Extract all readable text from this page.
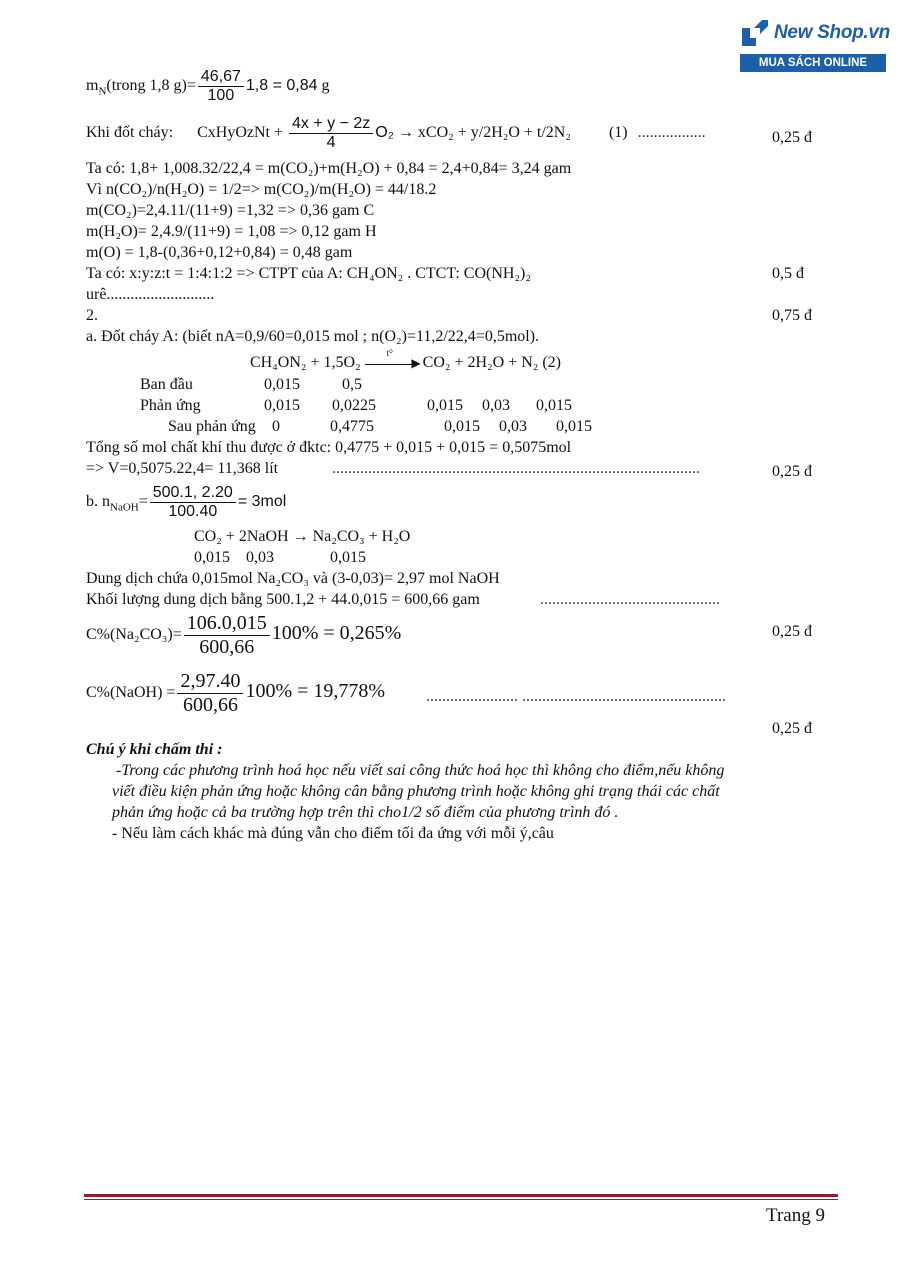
New Shop.vn
MUA SÁCH ONLINE
$m_N(trong$ 1,8 $g)= \frac{46,67}{100} 1,8 = 0,84$ g
Khi đốt cháy: CxHyOzNt + $\frac{4x + y - 2z}{4} O_2 \to xCO_2 + y/2H_2O + t/2N_2$ (1) .................	0,25 đ
Ta có: 1,8+ 1,008.32/22,4 = m(CO₂)+m(H₂O) + 0,84 = 2,4+0,84= 3,24 gam
Vì n(CO₂)/n(H₂O) = 1/2=> m(CO₂)/m(H₂O) = 44/18.2
m(CO₂)=2,4.11/(11+9) =1,32 => 0,36 gam C
m(H₂O)= 2,4.9/(11+9) = 1,08 => 0,12 gam H
m(O) = 1,8-(0,36+0,12+0,84) = 0,48 gam
Ta có: x:y:z:t = 1:4:1:2 => CTPT của A: CH₄ON₂ . CTCT: CO(NH₂)₂	0,5 đ
urê...........................
2.	0,75 đ
a. Đốt cháy A: (biết nA=0,9/60=0,015 mol ; n(O₂)=11,2/22,4=0,5mol).
CH₄ON₂ + 1,5O₂
t⁰
▶ CO₂ + 2H₂O + N₂ (2)
Ban đầu	0,015	0,5
Phản ứng	0,015 0,0225	0,015 0,03 0,015
Sau phản ứng 0	0,4775	0,015 0,03 0,015
Tổng số mol chất khí thu được ở đktc: 0,4775 + 0,015 + 0,015 = 0,5075mol
=> V=0,5075.22,4= 11,368 lít	............................................................................................	0,25 đ
b. $n_{NaOH}= \frac{500.1, 2.20}{100.40} = 3mol$
CO₂ + 2NaOH → Na₂CO₃ + H₂O
0,015    0,03              0,015
Dung dịch chứa 0,015mol Na₂CO₃ và (3-0,03)= 2,97 mol NaOH
Khối lượng dung dịch bằng 500.1,2 + 44.0,015 = 600,66 gam	.............................................
$C\%(Na_2CO_3)= \frac{106.0,015}{600,66} 100\% = 0,265\%$	0,25 đ
C%(NaOH) = $\frac{2,97.40}{600,66} 100\% = 19,778\%$	....................... ...................................................
0,25 đ
Chú ý khi chấm thi :
-Trong các phương trình hoá học nếu viết sai công thức hoá học thì không cho điểm,nếu không
viết điều kiện phản ứng hoặc không cân bằng phương trình hoặc không ghi trạng thái các chất
phản ứng hoặc cả ba trường hợp trên thì cho1/2 số điểm của phương trình đó .
- Nếu làm cách khác mà đúng vẫn cho điểm tối đa ứng với mỗi ý,câu
Trang 9
